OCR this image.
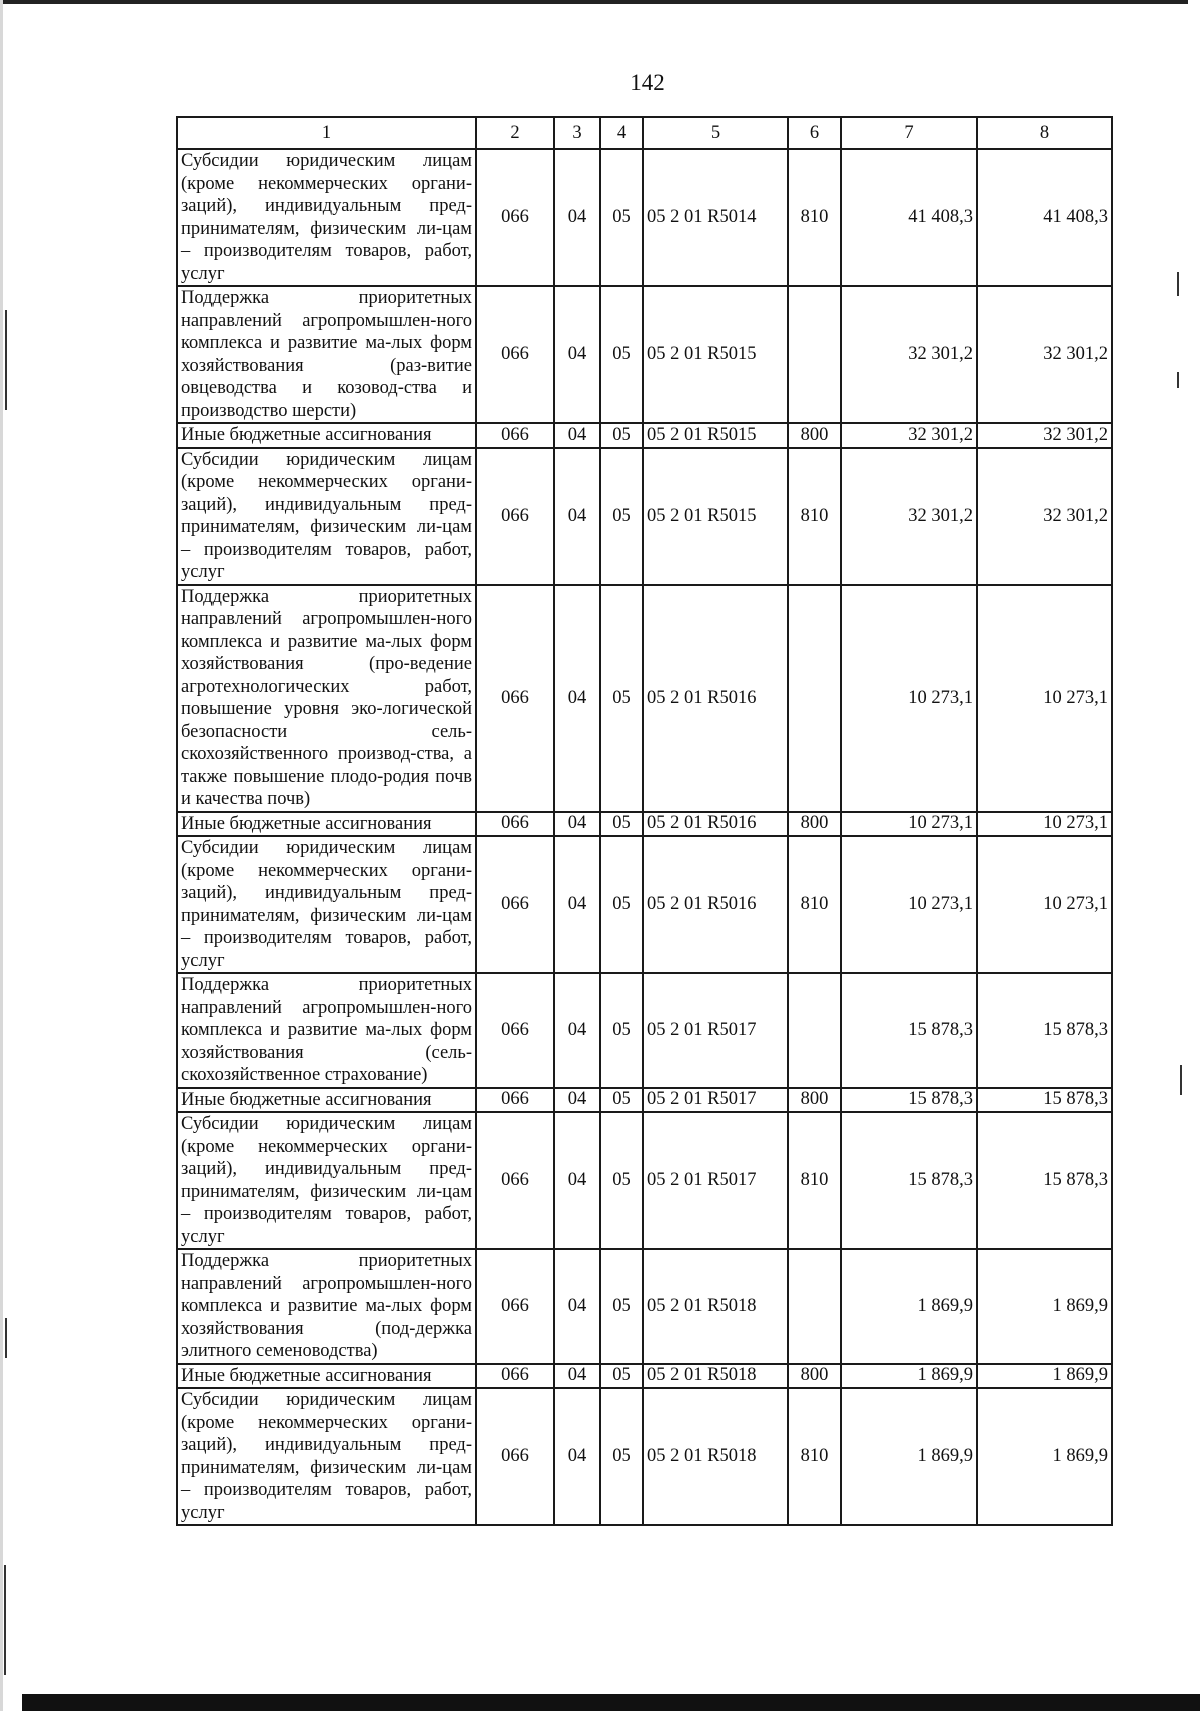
142
1	2	3	4	5	6	7	8
Субсидии юридическим лицам (кроме некоммерческих органи-заций), индивидуальным пред-принимателям, физическим ли-цам – производителям товаров, работ, услуг	066	04	05	05 2 01 R5014	810	41 408,3	41 408,3
Поддержка приоритетных направлений агропромышлен-ного комплекса и развитие ма-лых форм хозяйствования (раз-витие овцеводства и козовод-ства и производство шерсти)	066	04	05	05 2 01 R5015		32 301,2	32 301,2
Иные бюджетные ассигнования	066	04	05	05 2 01 R5015	800	32 301,2	32 301,2
Субсидии юридическим лицам (кроме некоммерческих органи-заций), индивидуальным пред-принимателям, физическим ли-цам – производителям товаров, работ, услуг	066	04	05	05 2 01 R5015	810	32 301,2	32 301,2
Поддержка приоритетных направлений агропромышлен-ного комплекса и развитие ма-лых форм хозяйствования (про-ведение агротехнологических работ, повышение уровня эко-логической безопасности сель-скохозяйственного производ-ства, а также повышение плодо-родия почв и качества почв)	066	04	05	05 2 01 R5016		10 273,1	10 273,1
Иные бюджетные ассигнования	066	04	05	05 2 01 R5016	800	10 273,1	10 273,1
Субсидии юридическим лицам (кроме некоммерческих органи-заций), индивидуальным пред-принимателям, физическим ли-цам – производителям товаров, работ, услуг	066	04	05	05 2 01 R5016	810	10 273,1	10 273,1
Поддержка приоритетных направлений агропромышлен-ного комплекса и развитие ма-лых форм хозяйствования (сель-скохозяйственное страхование)	066	04	05	05 2 01 R5017		15 878,3	15 878,3
Иные бюджетные ассигнования	066	04	05	05 2 01 R5017	800	15 878,3	15 878,3
Субсидии юридическим лицам (кроме некоммерческих органи-заций), индивидуальным пред-принимателям, физическим ли-цам – производителям товаров, работ, услуг	066	04	05	05 2 01 R5017	810	15 878,3	15 878,3
Поддержка приоритетных направлений агропромышлен-ного комплекса и развитие ма-лых форм хозяйствования (под-держка элитного семеноводства)	066	04	05	05 2 01 R5018		1 869,9	1 869,9
Иные бюджетные ассигнования	066	04	05	05 2 01 R5018	800	1 869,9	1 869,9
Субсидии юридическим лицам (кроме некоммерческих органи-заций), индивидуальным пред-принимателям, физическим ли-цам – производителям товаров, работ, услуг	066	04	05	05 2 01 R5018	810	1 869,9	1 869,9
